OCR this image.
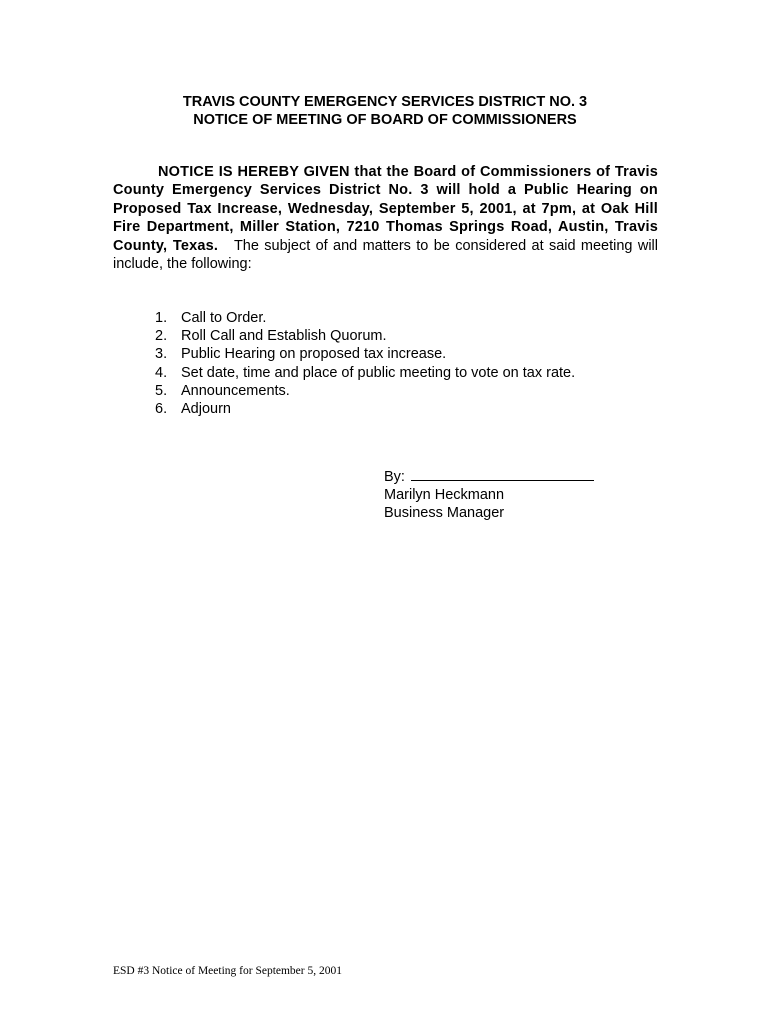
TRAVIS COUNTY EMERGENCY SERVICES DISTRICT NO. 3
NOTICE OF MEETING OF BOARD OF COMMISSIONERS
NOTICE IS HEREBY GIVEN that the Board of Commissioners of Travis County Emergency Services District No. 3 will hold a Public Hearing on Proposed Tax Increase, Wednesday, September 5, 2001, at 7pm, at Oak Hill Fire Department, Miller Station, 7210 Thomas Springs Road, Austin, Travis County, Texas. The subject of and matters to be considered at said meeting will include, the following:
1. Call to Order.
2. Roll Call and Establish Quorum.
3. Public Hearing on proposed tax increase.
4. Set date, time and place of public meeting to vote on tax rate.
5. Announcements.
6. Adjourn
By:
Marilyn Heckmann
Business Manager
ESD #3 Notice of Meeting for September 5, 2001
